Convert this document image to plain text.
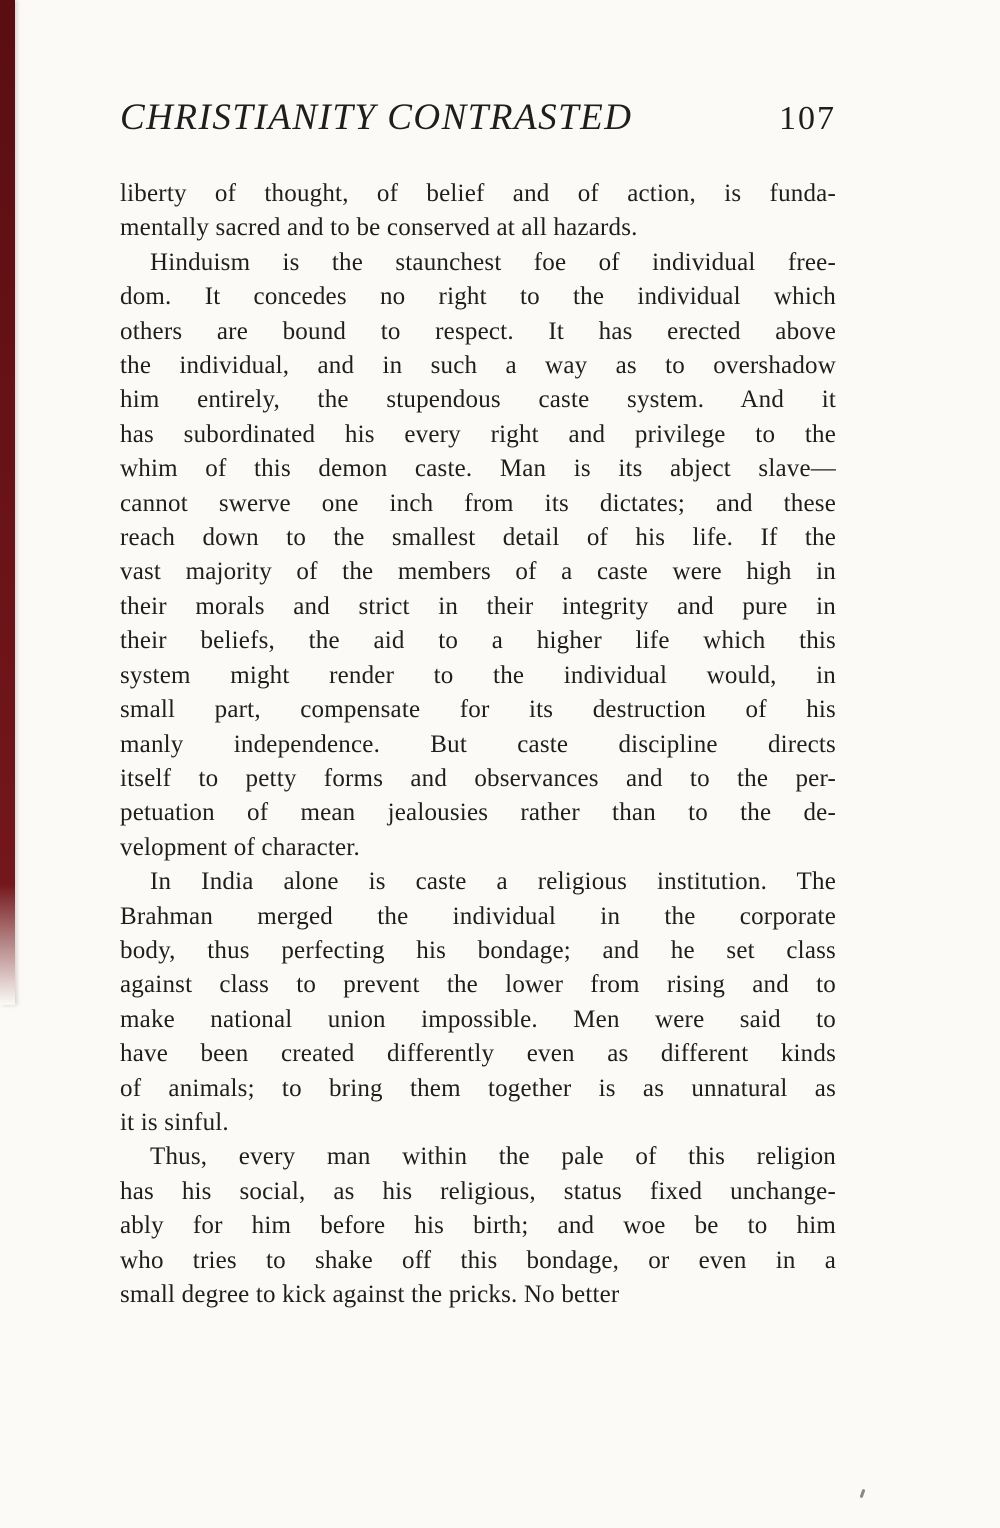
CHRISTIANITY CONTRASTED	107
liberty of thought, of belief and of action, is funda-
mentally sacred and to be conserved at all hazards.
Hinduism is the staunchest foe of individual free-
dom. It concedes no right to the individual which
others are bound to respect. It has erected above
the individual, and in such a way as to overshadow
him entirely, the stupendous caste system. And it
has subordinated his every right and privilege to the
whim of this demon caste. Man is its abject slave—
cannot swerve one inch from its dictates; and these
reach down to the smallest detail of his life. If the
vast majority of the members of a caste were high in
their morals and strict in their integrity and pure in
their beliefs, the aid to a higher life which this
system might render to the individual would, in
small part, compensate for its destruction of his
manly independence. But caste discipline directs
itself to petty forms and observances and to the per-
petuation of mean jealousies rather than to the de-
velopment of character.
In India alone is caste a religious institution. The
Brahman merged the individual in the corporate
body, thus perfecting his bondage; and he set class
against class to prevent the lower from rising and to
make national union impossible. Men were said to
have been created differently even as different kinds
of animals; to bring them together is as unnatural as
it is sinful.
Thus, every man within the pale of this religion
has his social, as his religious, status fixed unchange-
ably for him before his birth; and woe be to him
who tries to shake off this bondage, or even in a
small degree to kick against the pricks. No better
